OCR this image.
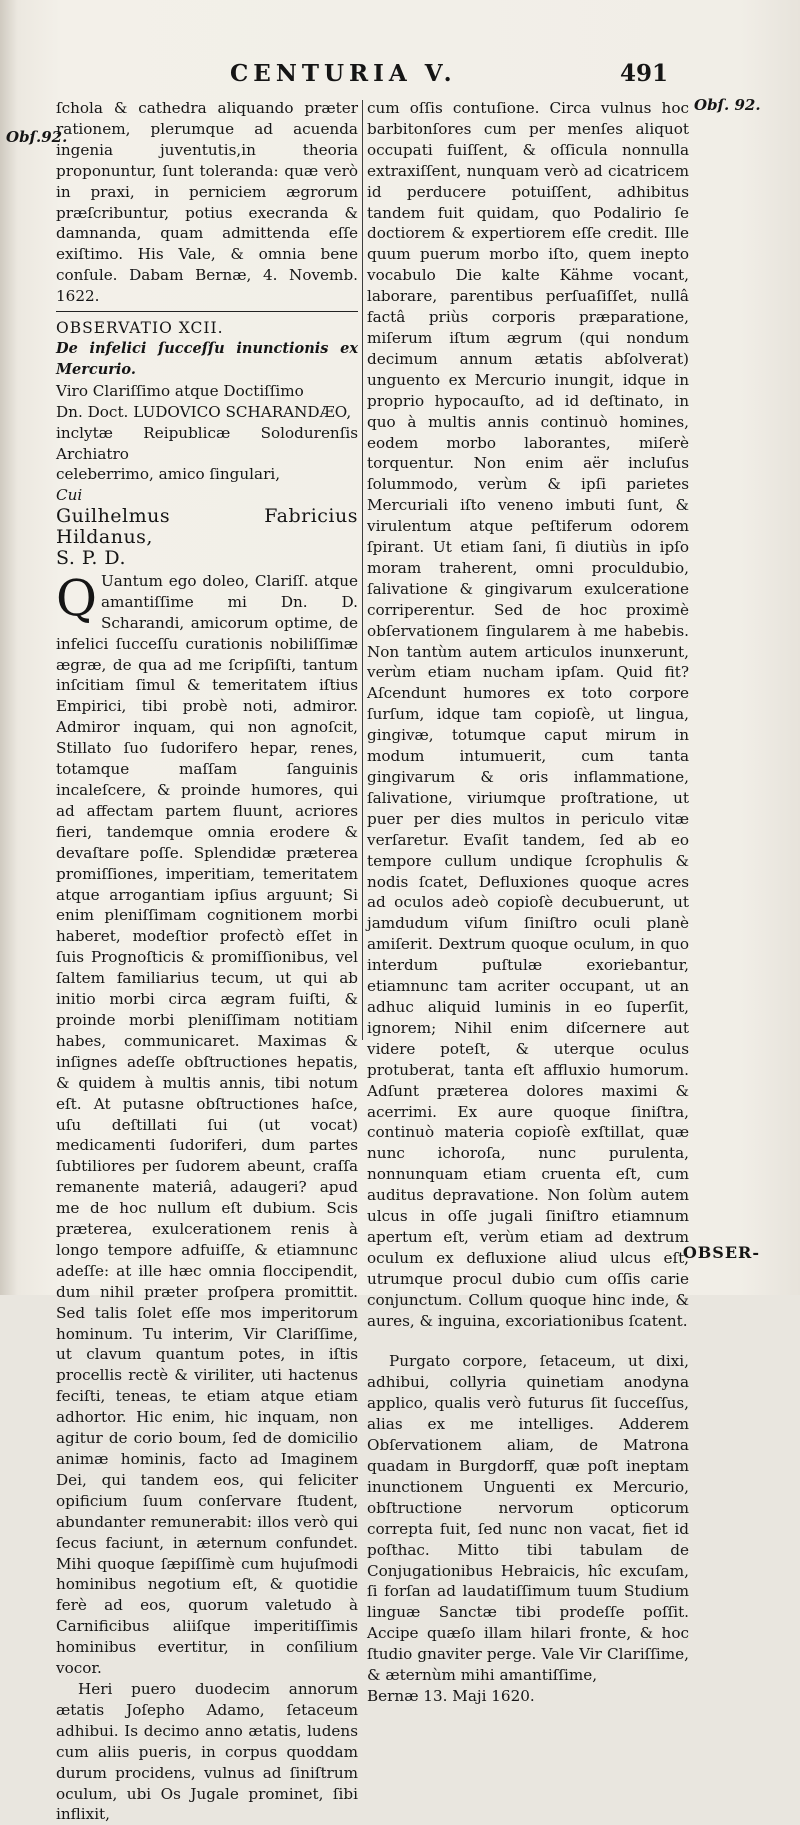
CENTURIA V.	491
Obſ.92.
Obſ. 92.

ſchola & cathedra aliquando præter rationem, plerumque ad acuenda ingenia juventutis,in theoria proponuntur, ſunt toleranda: quæ verò in praxi, in perniciem ægrorum præſcribuntur, potius execranda & damnanda, quam admittenda eſſe exiſtimo. His Vale, & omnia bene conſule. Dabam Bernæ, 4. Novemb. 1622.

OBSERVATIO XCII.

De infelici ſucceſſu inunctionis ex Mercurio.

Viro Clariſſimo atque Doctiſſimo

Dn. Doct. LUDOVICO SCHARANDÆO,

inclytæ Reipublicæ Solodurenſis Archiatro

celeberrimo, amico ſingulari,

Cui

Guilhelmus Fabricius Hildanus,

S. P. D.

Q Uantum ego doleo, Clariſſ. atque amantiſſime mi Dn. D. Scharandi, amicorum optime, de infelici ſucceſſu curationis nobiliſſimæ ægræ, de qua ad me ſcripſiſti, tantum inſcitiam ſimul & temeritatem iſtius Empirici, tibi probè noti, admiror. Admiror inquam, qui non agnoſcit, Stillato ſuo ſudorifero hepar, renes, totamque maſſam ſanguinis incaleſcere, & proinde humores, qui ad affectam partem fluunt, acriores fieri, tandemque omnia erodere & devaſtare poſſe. Splendidæ præterea promiſſiones, imperitiam, temeritatem atque arrogantiam ipſius arguunt; Si enim pleniſſimam cognitionem morbi haberet, modeſtior profectò eſſet in ſuis Prognoſticis & promiſſionibus, vel ſaltem familiarius tecum, ut qui ab initio morbi circa ægram fuiſti, & proinde morbi pleniſſimam notitiam habes, communicaret. Maximas & inſignes adeſſe obſtructiones hepatis, & quidem à multis annis, tibi notum eſt. At putasne obſtructiones haſce, uſu deſtillati ſui (ut vocat) medicamenti ſudoriferi, dum partes ſubtiliores per ſudorem abeunt, craſſa remanente materiâ, adaugeri? apud me de hoc nullum eſt dubium. Scis præterea, exulcerationem renis à longo tempore adfuiſſe, & etiamnunc adeſſe: at ille hæc omnia floccipendit, dum nihil præter proſpera promittit. Sed talis ſolet eſſe mos imperitorum hominum. Tu interim, Vir Clariſſime, ut clavum quantum potes, in iſtis procellis rectè & viriliter, uti hactenus feciſti, teneas, te etiam atque etiam adhortor. Hic enim, hic inquam, non agitur de corio boum, ſed de domicilio animæ hominis, facto ad Imaginem Dei, qui tandem eos, qui feliciter opificium ſuum conſervare ſtudent, abundanter remunerabit: illos verò qui ſecus faciunt, in æternum confundet. Mihi quoque ſæpiſſimè cum hujuſmodi hominibus negotium eſt, & quotidie ferè ad eos, quorum valetudo à Carnificibus aliiſque imperitiſſimis hominibus evertitur, in conſilium vocor.

Heri puero duodecim annorum ætatis Joſepho Adamo, ſetaceum adhibui. Is decimo anno ætatis, ludens cum aliis pueris, in corpus quoddam durum procidens, vulnus ad ſiniſtrum oculum, ubi Os Jugale prominet, ſibi inflixit,

cum oſſis contuſione. Circa vulnus hoc barbitonſores cum per menſes aliquot occupati fuiſſent, & oſſicula nonnulla extraxiſſent, nunquam verò ad cicatricem id perducere potuiſſent, adhibitus tandem fuit quidam, quo Podalirio ſe doctiorem & expertiorem eſſe credit. Ille quum puerum morbo iſto, quem inepto vocabulo Die kalte Kähme vocant, laborare, parentibus perſuaſiſſet, nullâ factâ priùs corporis præparatione, miſerum iſtum ægrum (qui nondum decimum annum ætatis abſolverat) unguento ex Mercurio inungit, idque in proprio hypocauſto, ad id deſtinato, in quo à multis annis continuò homines, eodem morbo laborantes, miſerè torquentur. Non enim aër incluſus ſolummodo, verùm & ipſi parietes Mercuriali iſto veneno imbuti ſunt, & virulentum atque peſtiferum odorem ſpirant. Ut etiam ſani, ſi diutiùs in ipſo moram traherent, omni proculdubio, ſalivatione & gingivarum exulceratione corriperentur. Sed de hoc proximè obſervationem ſingularem à me habebis. Non tantùm autem articulos inunxerunt, verùm etiam nucham ipſam. Quid fit? Aſcendunt humores ex toto corpore ſurſum, idque tam copioſè, ut lingua, gingivæ, totumque caput mirum in modum intumuerit, cum tanta gingivarum & oris inflammatione, ſalivatione, viriumque proſtratione, ut puer per dies multos in periculo vitæ verſaretur. Evaſit tandem, ſed ab eo tempore cullum undique ſcrophulis & nodis ſcatet, Defluxiones quoque acres ad oculos adeò copioſè decubuerunt, ut jamdudum viſum ſiniſtro oculi planè amiſerit. Dextrum quoque oculum, in quo interdum puſtulæ exoriebantur, etiamnunc tam acriter occupant, ut an adhuc aliquid luminis in eo ſuperſit, ignorem; Nihil enim diſcernere aut videre poteſt, & uterque oculus protuberat, tanta eſt affluxio humorum. Adſunt præterea dolores maximi & acerrimi. Ex aure quoque ſiniſtra, continuò materia copioſè exſtillat, quæ nunc ichoroſa, nunc purulenta, nonnunquam etiam cruenta eſt, cum auditus depravatione. Non ſolùm autem ulcus in oſſe jugali ſiniſtro etiamnum apertum eſt, verùm etiam ad dextrum oculum ex defluxione aliud ulcus eſt, utrumque procul dubio cum oſſis carie conjunctum. Collum quoque hinc inde, & aures, & inguina, excoriationibus ſcatent.

Purgato corpore, ſetaceum, ut dixi, adhibui, collyria quinetiam anodyna applico, qualis verò futurus ſit ſucceſſus, alias ex me intelliges. Adderem Obſervationem aliam, de Matrona quadam in Burgdorff, quæ poſt ineptam inunctionem Unguenti ex Mercurio, obſtructione nervorum opticorum correpta fuit, ſed nunc non vacat, fiet id poſthac. Mitto tibi tabulam de Conjugationibus Hebraicis, hîc excuſam, ſi forſan ad laudatiſſimum tuum Studium linguæ Sanctæ tibi prodeſſe poſſit. Accipe quæſo illam hilari fronte, & hoc ſtudio gnaviter perge. Vale Vir Clariſſime, & æternùm mihi amantiſſime,

Bernæ 13. Maji 1620.

OBSER-
